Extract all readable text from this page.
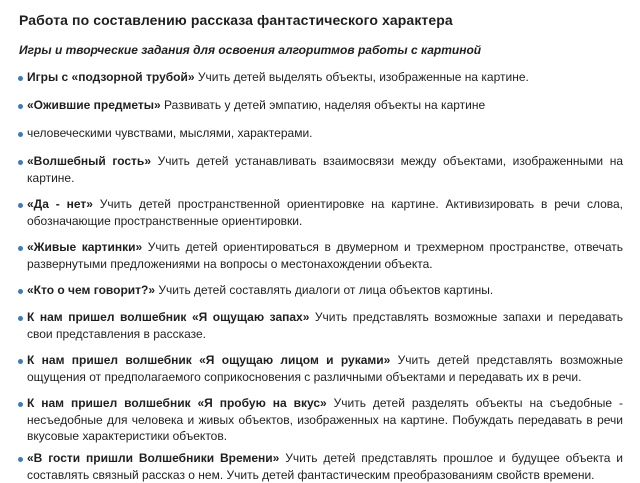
Работа по составлению рассказа фантастического характера
Игры и творческие задания для освоения алгоритмов работы с картиной
Игры с «подзорной трубой» Учить детей выделять объекты, изображенные на картине.
«Ожившие предметы» Развивать у детей эмпатию, наделяя объекты на картине
человеческими чувствами, мыслями, характерами.
«Волшебный гость» Учить детей устанавливать взаимосвязи между объектами, изображенными на картине.
«Да - нет» Учить детей пространственной ориентировке на картине. Активизировать в речи слова, обозначающие пространственные ориентировки.
«Живые картинки» Учить детей ориентироваться в двумерном и трехмерном пространстве, отвечать развернутыми предложениями на вопросы о местонахождении объекта.
«Кто о чем говорит?» Учить детей составлять диалоги от лица объектов картины.
К нам пришел волшебник «Я ощущаю запах» Учить представлять возможные запахи и передавать свои представления в рассказе.
К нам пришел волшебник «Я ощущаю лицом и руками» Учить детей представлять возможные ощущения от предполагаемого соприкосновения с различными объектами и передавать их в речи.
К нам пришел волшебник «Я пробую на вкус» Учить детей разделять объекты на съедобные - несъедобные для человека и живых объектов, изображенных на картине. Побуждать передавать в речи вкусовые характеристики объектов.
«В гости пришли Волшебники Времени» Учить детей представлять прошлое и будущее объекта и составлять связный рассказ о нем. Учить детей фантастическим преобразованиям свойств времени.
